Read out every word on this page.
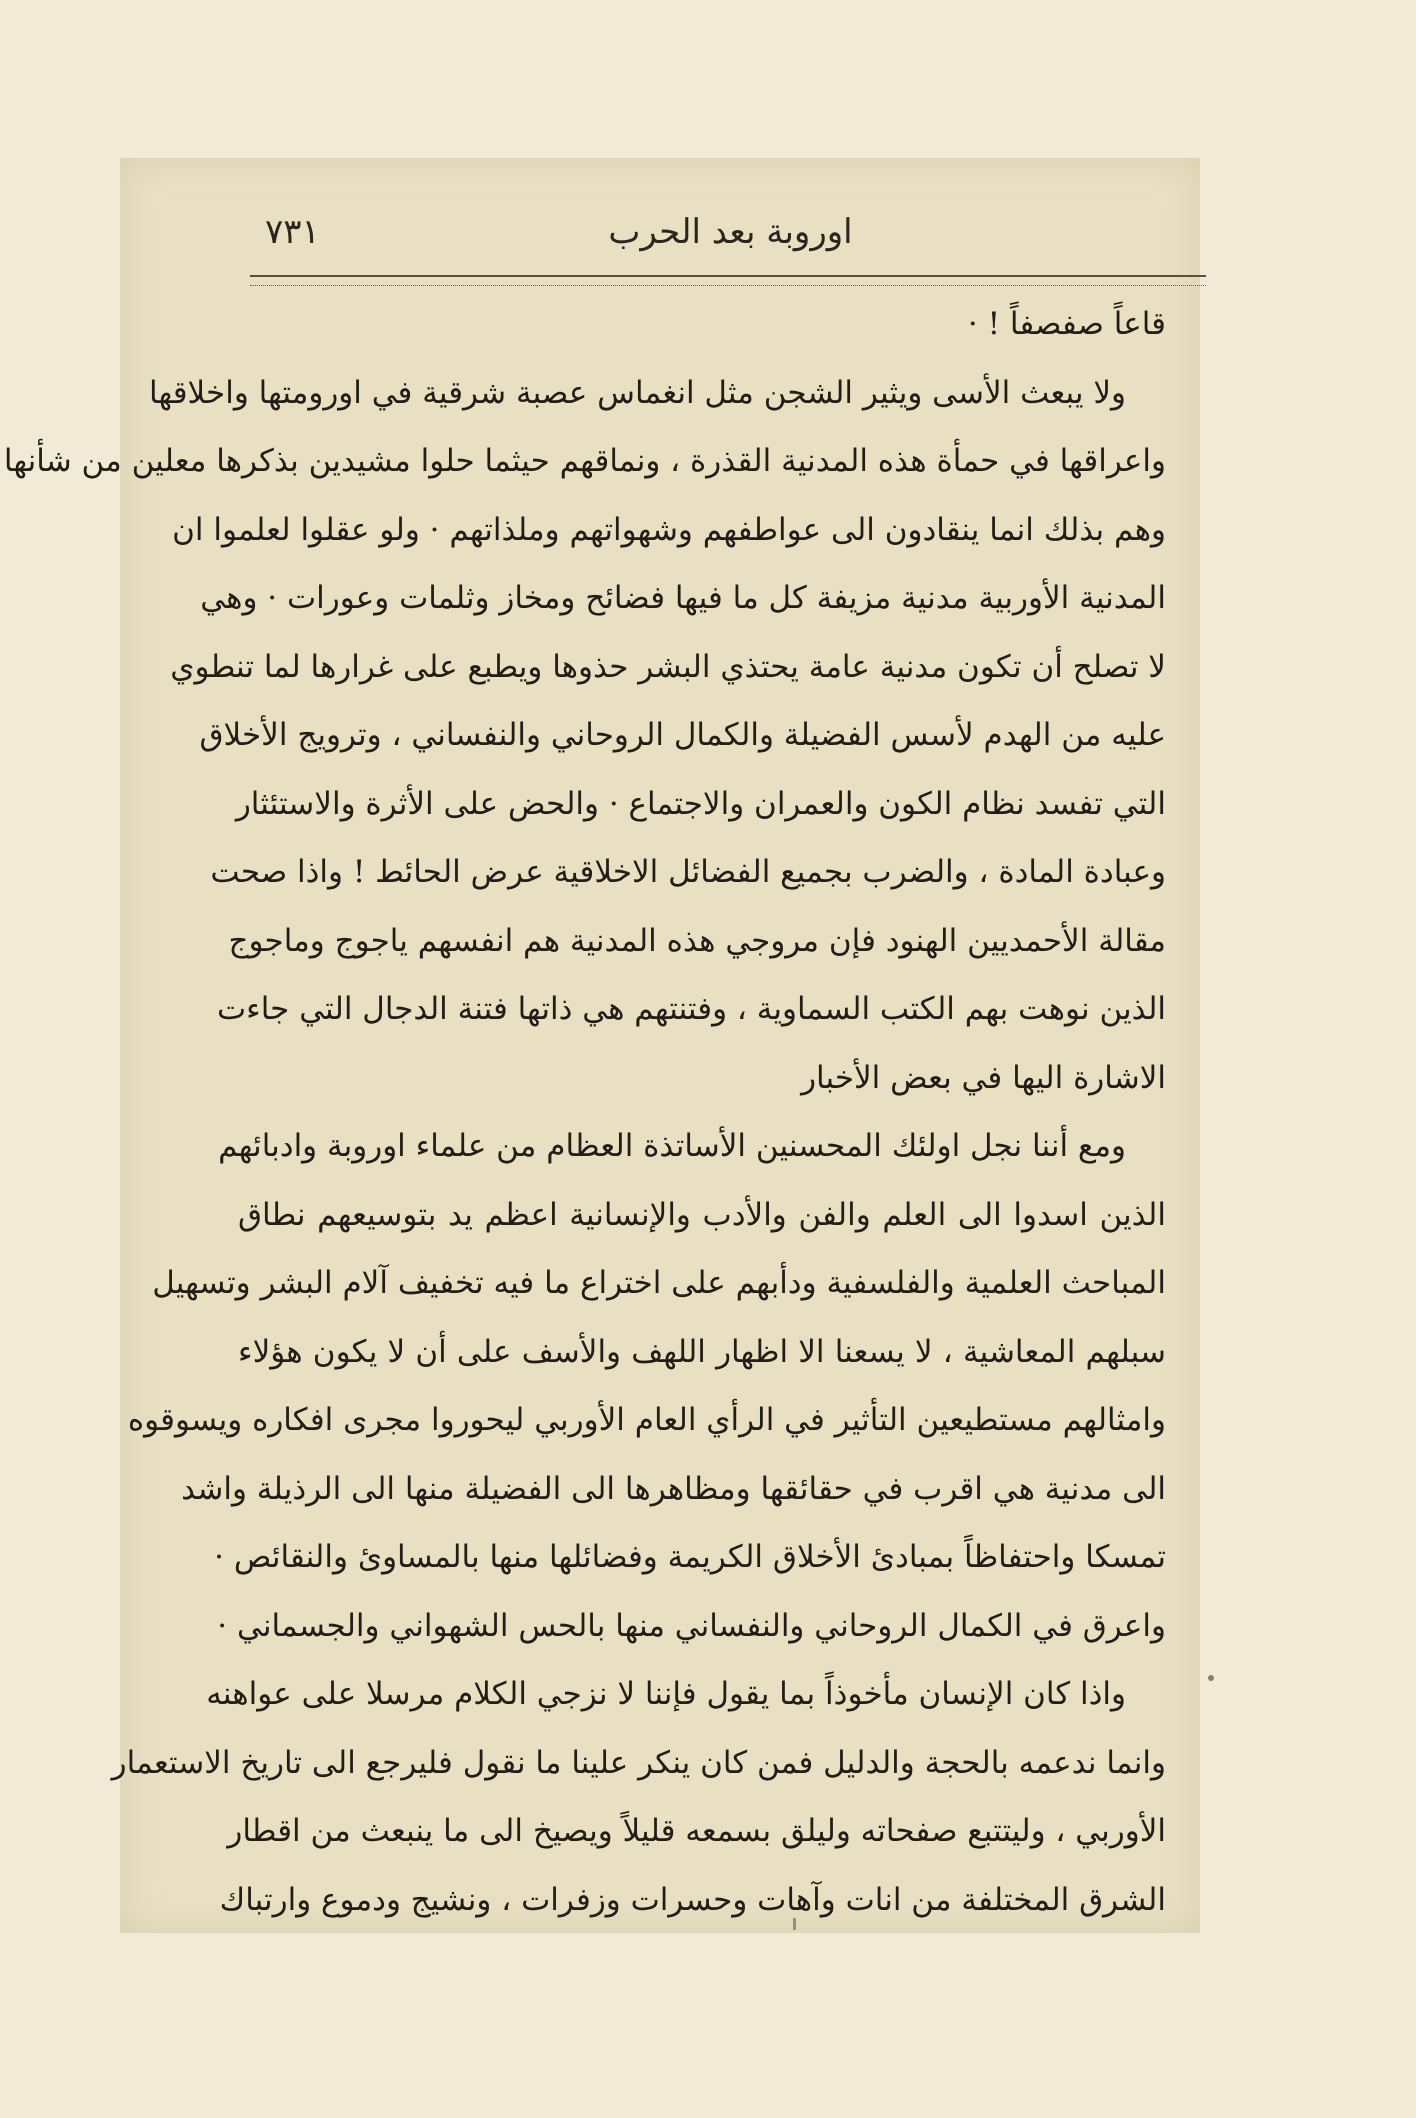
اوروبة بعد الحرب
٧٣١
قاعاً صفصفاً ! ·
ولا يبعث الأسى ويثير الشجن مثل انغماس عصبة شرقية في اورومتها واخلاقها
واعراقها في حمأة هذه المدنية القذرة ، ونماقهم حيثما حلوا مشيدين بذكرها معلين من شأنها
وهم بذلك انما ينقادون الى عواطفهم وشهواتهم وملذاتهم · ولو عقلوا لعلموا ان
المدنية الأوربية مدنية مزيفة كل ما فيها فضائح ومخاز وثلمات وعورات · وهي
لا تصلح أن تكون مدنية عامة يحتذي البشر حذوها ويطبع على غرارها لما تنطوي
عليه من الهدم لأسس الفضيلة والكمال الروحاني والنفساني ، وترويج الأخلاق
التي تفسد نظام الكون والعمران والاجتماع · والحض على الأثرة والاستئثار
وعبادة المادة ، والضرب بجميع الفضائل الاخلاقية عرض الحائط ! واذا صحت
مقالة الأحمديين الهنود فإن مروجي هذه المدنية هم انفسهم ياجوج وماجوج
الذين نوهت بهم الكتب السماوية ، وفتنتهم هي ذاتها فتنة الدجال التي جاءت
الاشارة اليها في بعض الأخبار
ومع أننا نجل اولئك المحسنين الأساتذة العظام من علماء اوروبة وادبائهم
الذين اسدوا الى العلم والفن والأدب والإنسانية اعظم يد بتوسيعهم نطاق
المباحث العلمية والفلسفية ودأبهم على اختراع ما فيه تخفيف آلام البشر وتسهيل
سبلهم المعاشية ، لا يسعنا الا اظهار اللهف والأسف على أن لا يكون هؤلاء
وامثالهم مستطيعين التأثير في الرأي العام الأوربي ليحوروا مجرى افكاره ويسوقوه
الى مدنية هي اقرب في حقائقها ومظاهرها الى الفضيلة منها الى الرذيلة واشد
تمسكا واحتفاظاً بمبادئ الأخلاق الكريمة وفضائلها منها بالمساوئ والنقائص ·
واعرق في الكمال الروحاني والنفساني منها بالحس الشهواني والجسماني ·
واذا كان الإنسان مأخوذاً بما يقول فإننا لا نزجي الكلام مرسلا على عواهنه
وانما ندعمه بالحجة والدليل فمن كان ينكر علينا ما نقول فليرجع الى تاريخ الاستعمار
الأوربي ، وليتتبع صفحاته وليلق بسمعه قليلاً ويصيخ الى ما ينبعث من اقطار
الشرق المختلفة من انات وآهات وحسرات وزفرات ، ونشيج ودموع وارتباك
